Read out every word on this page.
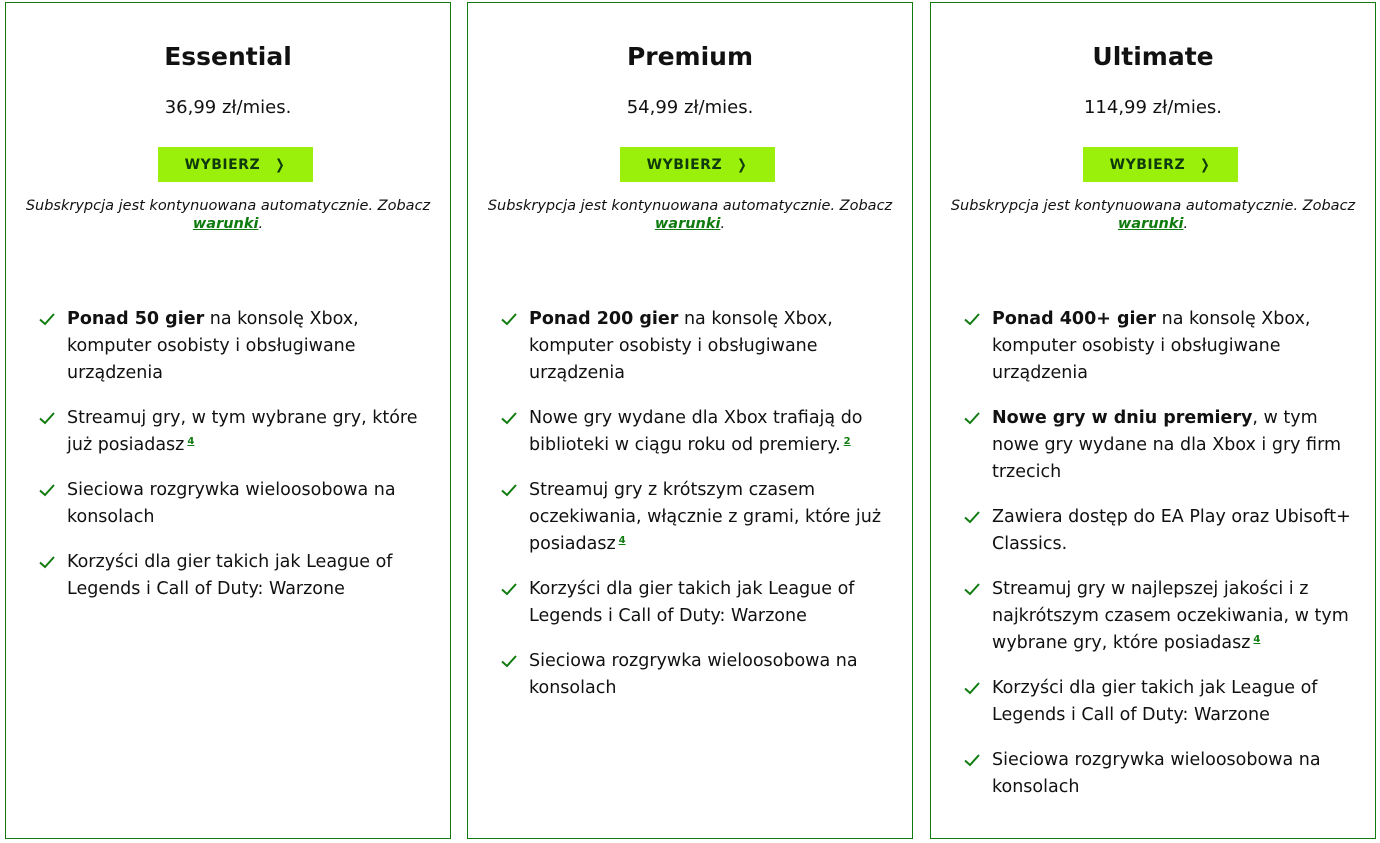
Essential
36,99 zł/mies.
WYBIERZ ❯
Subskrypcja jest kontynuowana automatycznie. Zobacz warunki.
Ponad 50 gier na konsolę Xbox, komputer osobisty i obsługiwane urządzenia
Streamuj gry, w tym wybrane gry, które już posiadasz $^4$
Sieciowa rozgrywka wieloosobowa na konsolach
Korzyści dla gier takich jak League of Legends i Call of Duty: Warzone
Premium
54,99 zł/mies.
WYBIERZ ❯
Subskrypcja jest kontynuowana automatycznie. Zobacz warunki.
Ponad 200 gier na konsolę Xbox, komputer osobisty i obsługiwane urządzenia
Nowe gry wydane dla Xbox trafiają do biblioteki w ciągu roku od premiery. $^2$
Streamuj gry z krótszym czasem oczekiwania, włącznie z grami, które już posiadasz $^4$
Korzyści dla gier takich jak League of Legends i Call of Duty: Warzone
Sieciowa rozgrywka wieloosobowa na konsolach
Ultimate
114,99 zł/mies.
WYBIERZ ❯
Subskrypcja jest kontynuowana automatycznie. Zobacz warunki.
Ponad 400+ gier na konsolę Xbox, komputer osobisty i obsługiwane urządzenia
Nowe gry w dniu premiery, w tym nowe gry wydane na dla Xbox i gry firm trzecich
Zawiera dostęp do EA Play oraz Ubisoft+ Classics.
Streamuj gry w najlepszej jakości i z najkrótszym czasem oczekiwania, w tym wybrane gry, które posiadasz $^4$
Korzyści dla gier takich jak League of Legends i Call of Duty: Warzone
Sieciowa rozgrywka wieloosobowa na konsolach
